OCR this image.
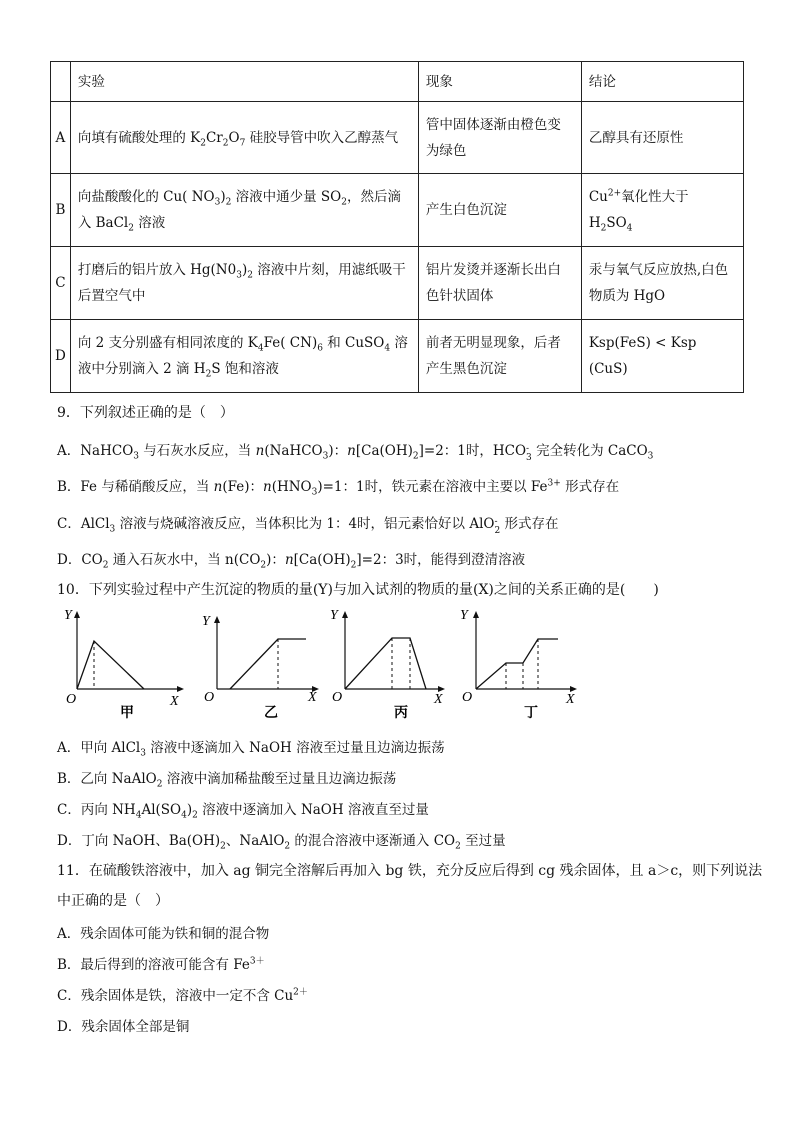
	实验	现象	结论
A	向填有硫酸处理的 $K_2Cr_2O_7$ 硅胶导管中吹入乙醇蒸气	管中固体逐渐由橙色变为绿色	乙醇具有还原性
B	向盐酸酸化的 Cu( $NO_3)_2$ 溶液中通少量 $SO_2$，然后滴入 BaCl$_2$ 溶液	产生白色沉淀	$Cu^{2+}$氧化性大于 $H_2SO_4$
C	打磨后的铝片放入 $Hg(N0_3)_2$ 溶液中片刻，用滤纸吸干后置空气中	铝片发烫并逐渐长出白色针状固体	汞与氧气反应放热,白色物质为 HgO
D	向 2 支分别盛有相同浓度的 $K_4Fe$( $CN)_6$ 和 CuSO$_4$ 溶液中分别滴入 2 滴 $H_2S$ 饱和溶液	前者无明显现象，后者产生黑色沉淀	Ksp(FeS) < Ksp (CuS)
9．下列叙述正确的是（　）
A．NaHCO$_3$ 与石灰水反应，当 n(NaHCO$_3$)：$n[Ca(OH)_2]=2$：1时，HCO -
3 完全转化为 CaCO$_3$
B．Fe 与稀硝酸反应，当 n(Fe)：$n(HNO_3)=1$：1时，铁元素在溶液中主要以 $Fe^{3+}$ 形式存在
C．AlCl$_3$ 溶液与烧碱溶液反应，当体积比为 1：4时，铝元素恰好以 AlO -
2 形式存在
D．$CO_2$ 通入石灰水中，当 $n(CO_2)$：$n[Ca(OH)_2]=2$：3时，能得到澄清溶液
10．下列实验过程中产生沉淀的物质的量(Y)与加入试剂的物质的量(X)之间的关系正确的是(　　)
Y
O	X
甲
Y
O	X
乙
Y
O	X
丙
Y
O	X
丁
A．甲向 AlCl$_3$ 溶液中逐滴加入 NaOH 溶液至过量且边滴边振荡
B．乙向 NaAlO$_2$ 溶液中滴加稀盐酸至过量且边滴边振荡
C．丙向 $NH_4Al(SO_4)_2$ 溶液中逐滴加入 NaOH 溶液直至过量
D．丁向 NaOH、$Ba(OH)_2$、NaAlO$_2$ 的混合溶液中逐渐通入 $CO_2$ 至过量
11．在硫酸铁溶液中，加入 ag 铜完全溶解后再加入 bg 铁，充分反应后得到 cg 残余固体，且 a＞c，则下列说法
中正确的是（　）
A．残余固体可能为铁和铜的混合物
B．最后得到的溶液可能含有 $Fe^{3+}$
C．残余固体是铁，溶液中一定不含 $Cu^{2+}$
D．残余固体全部是铜
